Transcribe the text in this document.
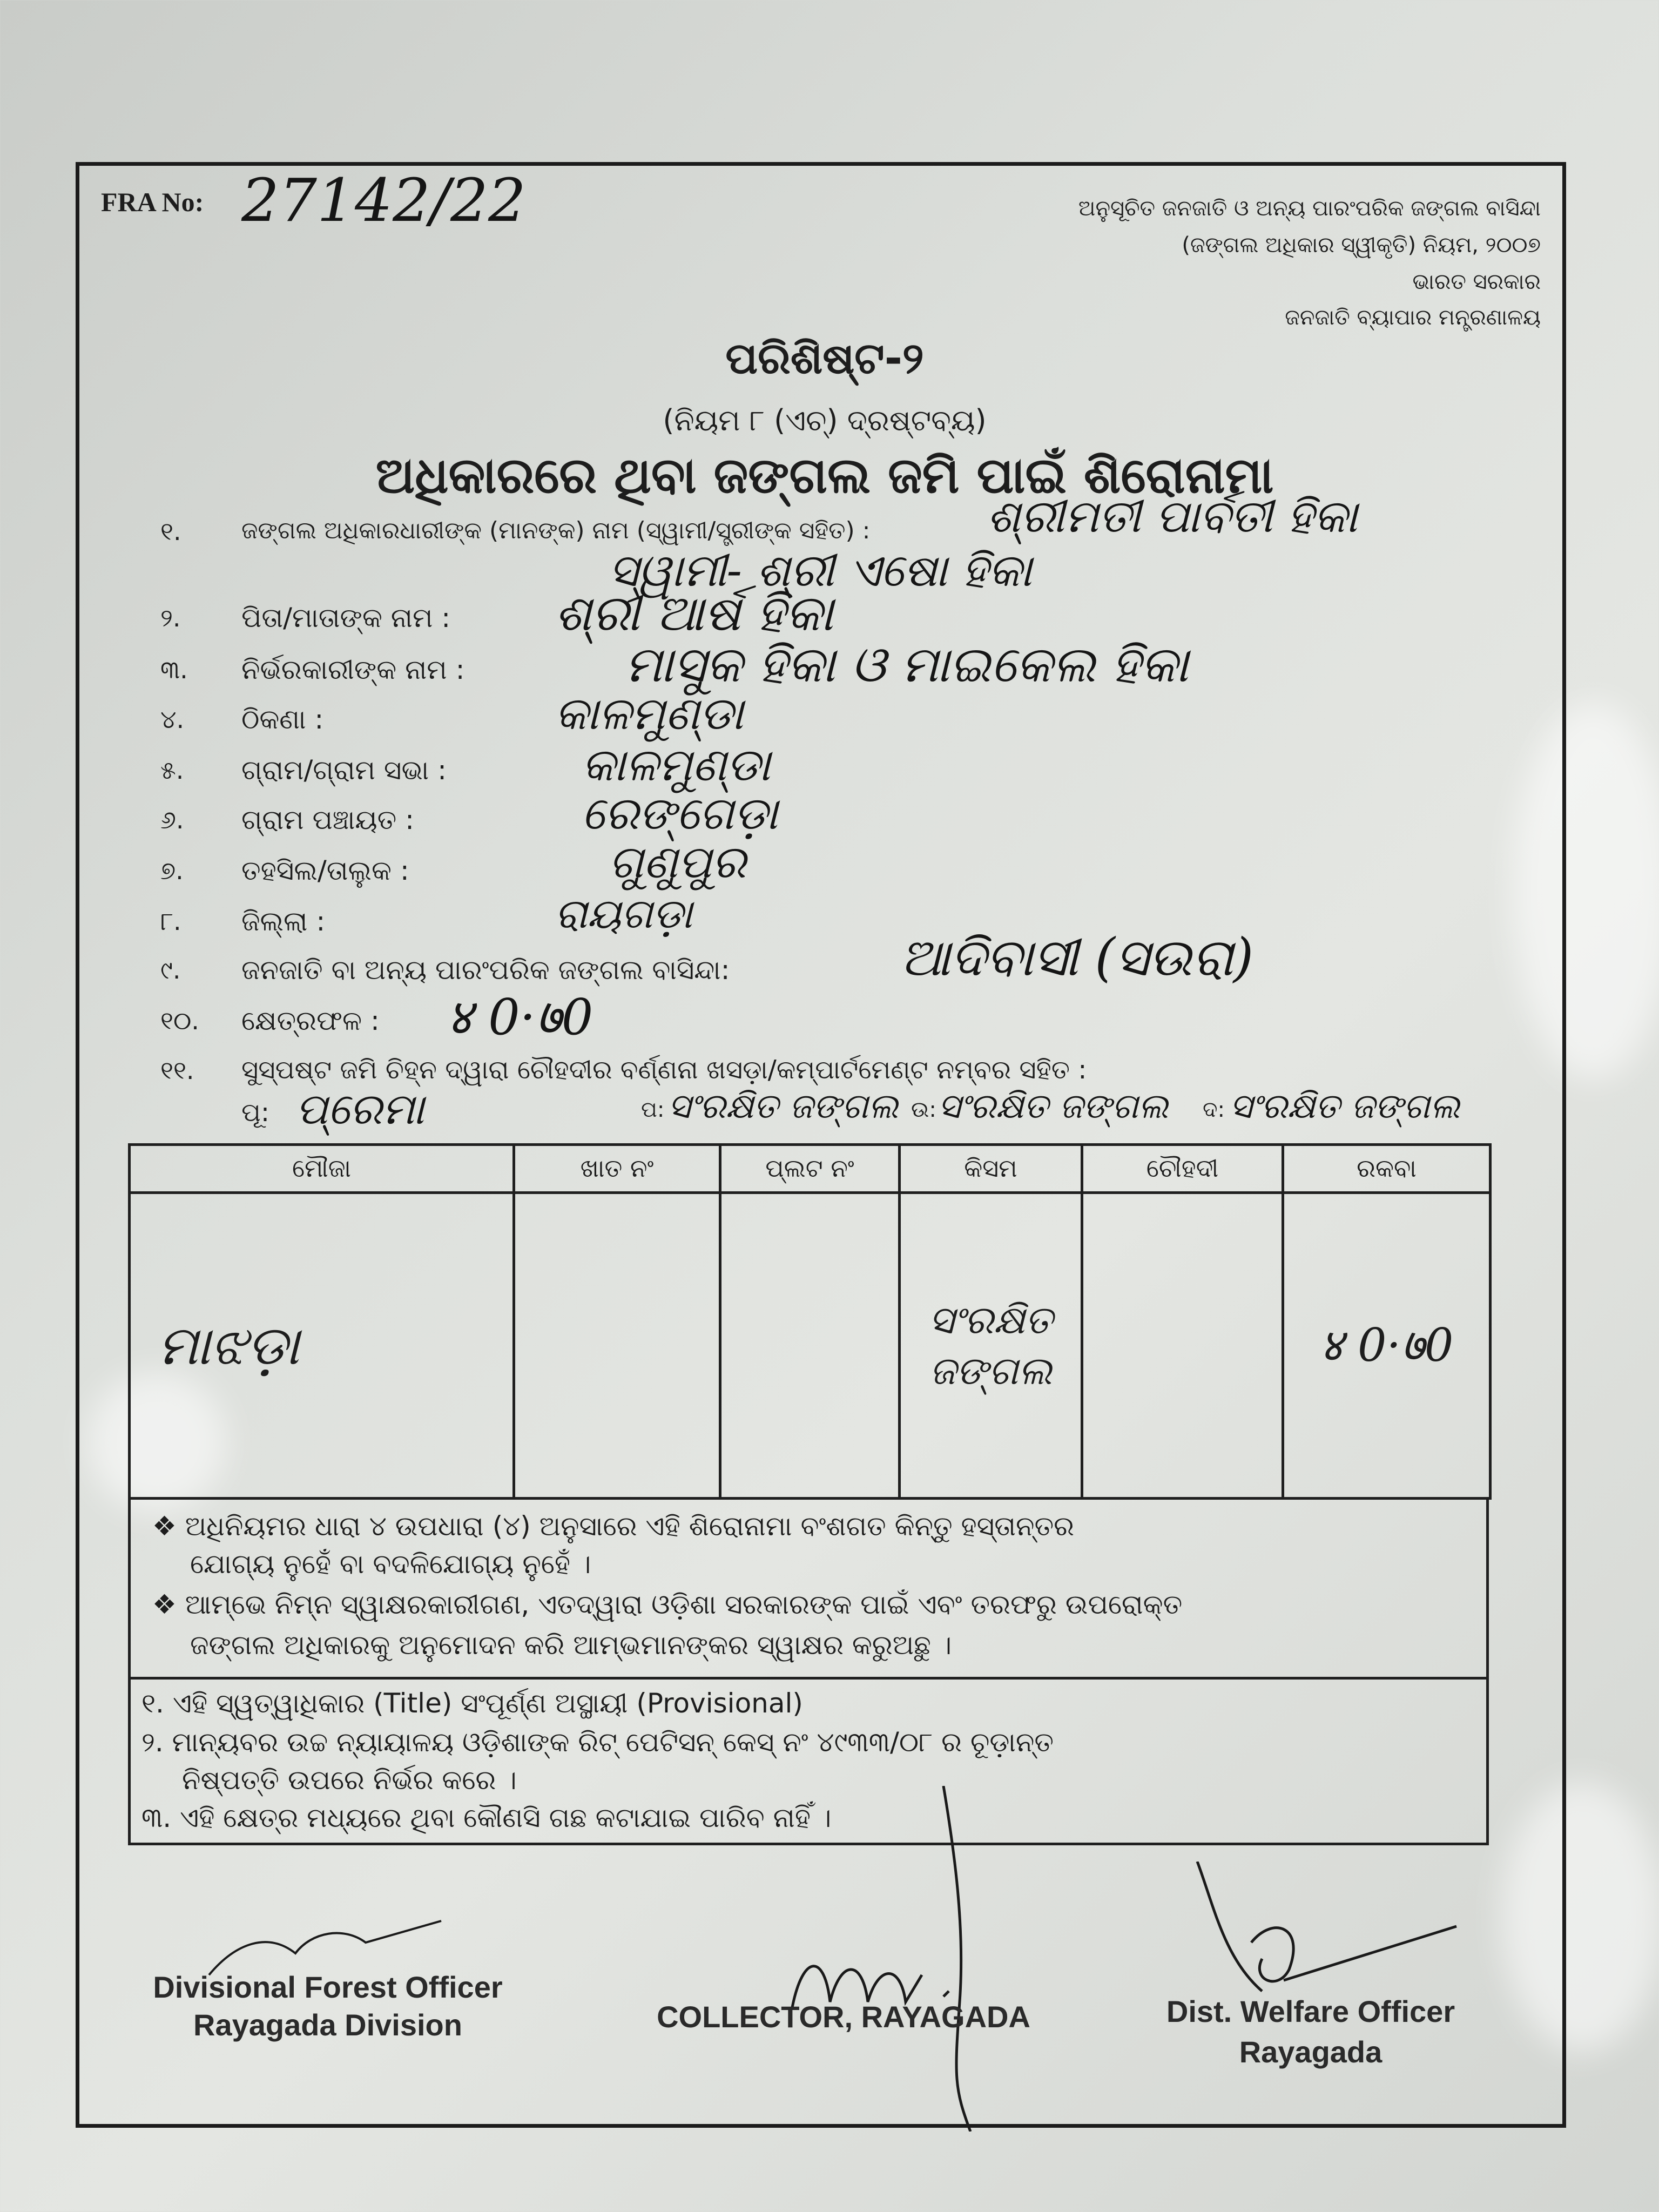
FRA No: 27142/22	ଅନୁସୂଚିତ ଜନଜାତି ଓ ଅନ୍ୟ ପାରଂପରିକ ଜଙ୍ଗଲ ବାସିନ୍ଦା
(ଜଙ୍ଗଲ ଅଧିକାର ସ୍ୱୀକୃତି) ନିୟମ, ୨୦୦୭
ଭାରତ ସରକାର
ଜନଜାତି ବ୍ୟାପାର ମନ୍ତ୍ରଣାଳୟ
ପରିଶିଷ୍ଟ-୨
(ନିୟମ ୮ (ଏଚ୍) ଦ୍ରଷ୍ଟବ୍ୟ)
ଅଧିକାରରେ ଥିବା ଜଙ୍ଗଲ ଜମି ପାଇଁ ଶିରୋନାମା
୧.	ଜଙ୍ଗଲ ଅଧିକାରଧାରୀଙ୍କ (ମାନଙ୍କ) ନାମ (ସ୍ୱାମୀ/ସ୍ତ୍ରୀଙ୍କ ସହିତ) :	ଶ୍ରୀମତୀ ପାର୍ବତୀ ହିକା
ସ୍ୱାମୀ- ଶ୍ରୀ ଏଷୋ ହିକା
୨. ପିତା/ମାତାଙ୍କ ନାମ : ଶ୍ରୀ ଆର୍ଷ ହିକା
୩. ନିର୍ଭରକାରୀଙ୍କ ନାମ :	ମାସୁକ ହିକା ଓ ମାଇକେଲ ହିକା
୪. ଠିକଣା :	କାଳମୁଣ୍ଡା
୫. ଗ୍ରାମ/ଗ୍ରାମ ସଭା :	କାଳମୁଣ୍ଡା
୬. ଗ୍ରାମ ପଞ୍ଚାୟତ :	ରେଙ୍ଗେଡ଼ା
୭. ତହସିଲ/ତାଲୁକ :	ଗୁଣୁପୁର
୮. ଜିଲ୍ଲା :	ରାୟଗଡ଼ା
୯. ଜନଜାତି ବା ଅନ୍ୟ ପାରଂପରିକ ଜଙ୍ଗଲ ବାସିନ୍ଦା:	ଆଦିବାସୀ (ସଉରା)
୧୦. କ୍ଷେତ୍ରଫଳ : ४ 0·७0
୧୧. ସୁସ୍ପଷ୍ଟ ଜମି ଚିହ୍ନ ଦ୍ୱାରା ଚୌହଦୀର ବର୍ଣ୍ଣନା ଖସଡ଼ା/କମ୍ପାର୍ଟମେଣ୍ଟ ନମ୍ବର ସହିତ :
ପୂ: ପ୍ରେମା	ପ: ସଂରକ୍ଷିତ ଜଙ୍ଗଲ ଉ: ସଂରକ୍ଷିତ ଜଙ୍ଗଲ ଦ: ସଂରକ୍ଷିତ ଜଙ୍ଗଲ
ମୌଜା	ଖାତ ନଂ	ପ୍ଲଟ ନଂ	କିସମ	ଚୌହଦୀ	ରକବା
ମାଝଡ଼ା			ସଂରକ୍ଷିତ ଜଙ୍ଗଲ		४ 0·७0
❖ ଅଧିନିୟମର ଧାରା ୪ ଉପଧାରା (୪) ଅନୁସାରେ ଏହି ଶିରୋନାମା ବଂଶଗତ କିନ୍ତୁ ହସ୍ତାନ୍ତର
ଯୋଗ୍ୟ ନୁହେଁ ବା ବଦଳିଯୋଗ୍ୟ ନୁହେଁ ।
❖ ଆମ୍ଭେ ନିମ୍ନ ସ୍ୱାକ୍ଷରକାରୀଗଣ, ଏତଦ୍ୱାରା ଓଡ଼ିଶା ସରକାରଙ୍କ ପାଇଁ ଏବଂ ତରଫରୁ ଉପରୋକ୍ତ
ଜଙ୍ଗଲ ଅଧିକାରକୁ ଅନୁମୋଦନ କରି ଆମ୍ଭମାନଙ୍କର ସ୍ୱାକ୍ଷର କରୁଅଛୁ ।
୧. ଏହି ସ୍ୱତ୍ୱାଧିକାର (Title) ସଂପୂର୍ଣ୍ଣ ଅସ୍ଥାୟୀ (Provisional)
୨. ମାନ୍ୟବର ଉଚ୍ଚ ନ୍ୟାୟାଳୟ ଓଡ଼ିଶାଙ୍କ ରିଟ୍ ପେଟିସନ୍ କେସ୍ ନଂ ୪୯୩୩/୦୮ ର ଚୂଡ଼ାନ୍ତ
ନିଷ୍ପତ୍ତି ଉପରେ ନିର୍ଭର କରେ ।
୩. ଏହି କ୍ଷେତ୍ର ମଧ୍ୟରେ ଥିବା କୌଣସି ଗଛ କଟାଯାଇ ପାରିବ ନାହିଁ ।
Divisional Forest Officer
Rayagada Division	COLLECTOR, RAYAGADA	Dist. Welfare Officer
Rayagada
